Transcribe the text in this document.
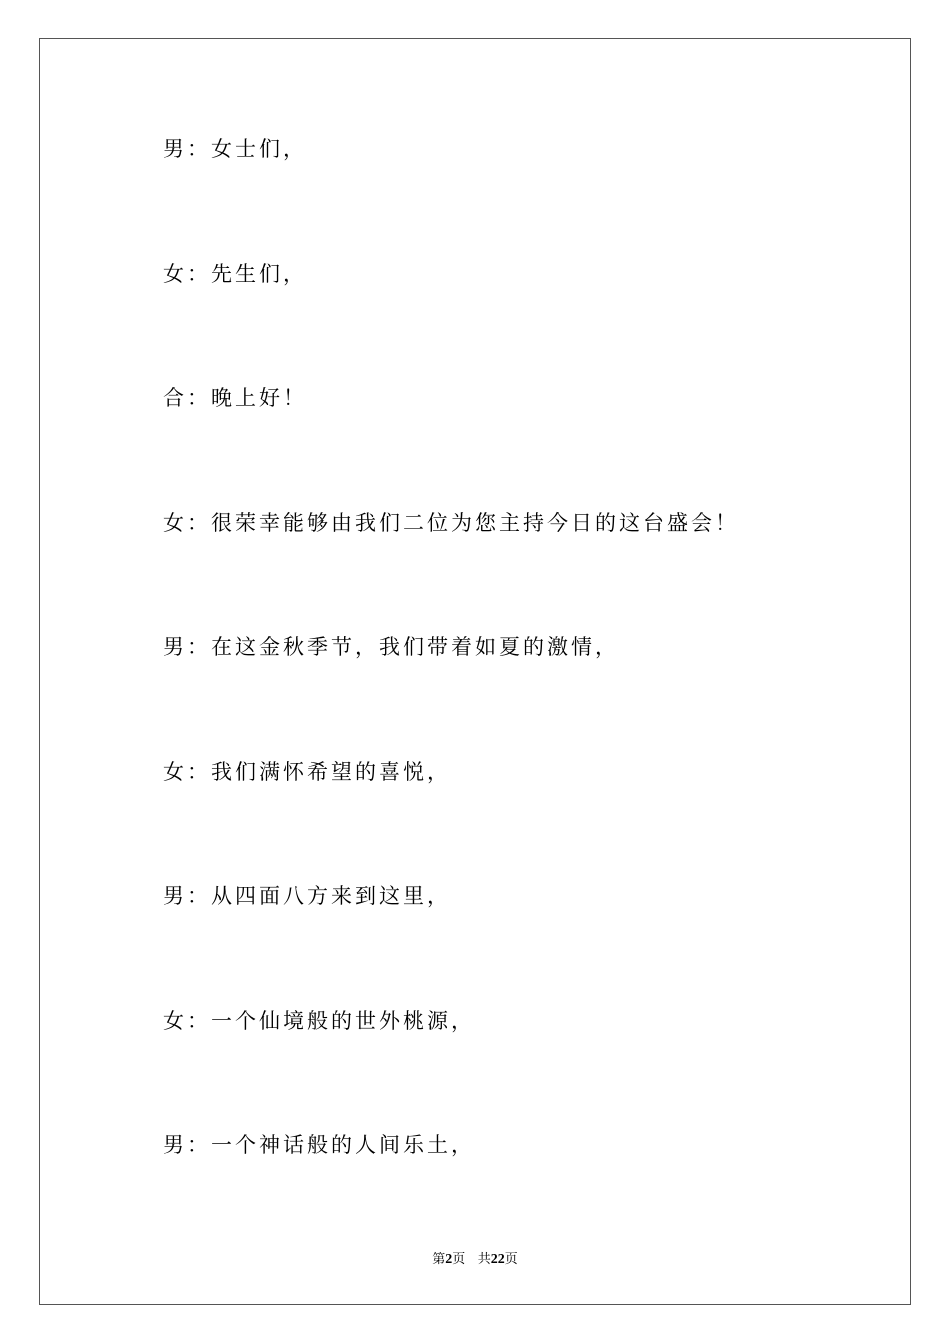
男：女士们，
女：先生们，
合：晚上好！
女：很荣幸能够由我们二位为您主持今日的这台盛会！
男：在这金秋季节，我们带着如夏的激情，
女：我们满怀希望的喜悦，
男：从四面八方来到这里，
女：一个仙境般的世外桃源，
男：一个神话般的人间乐土，
第2页 共22页
